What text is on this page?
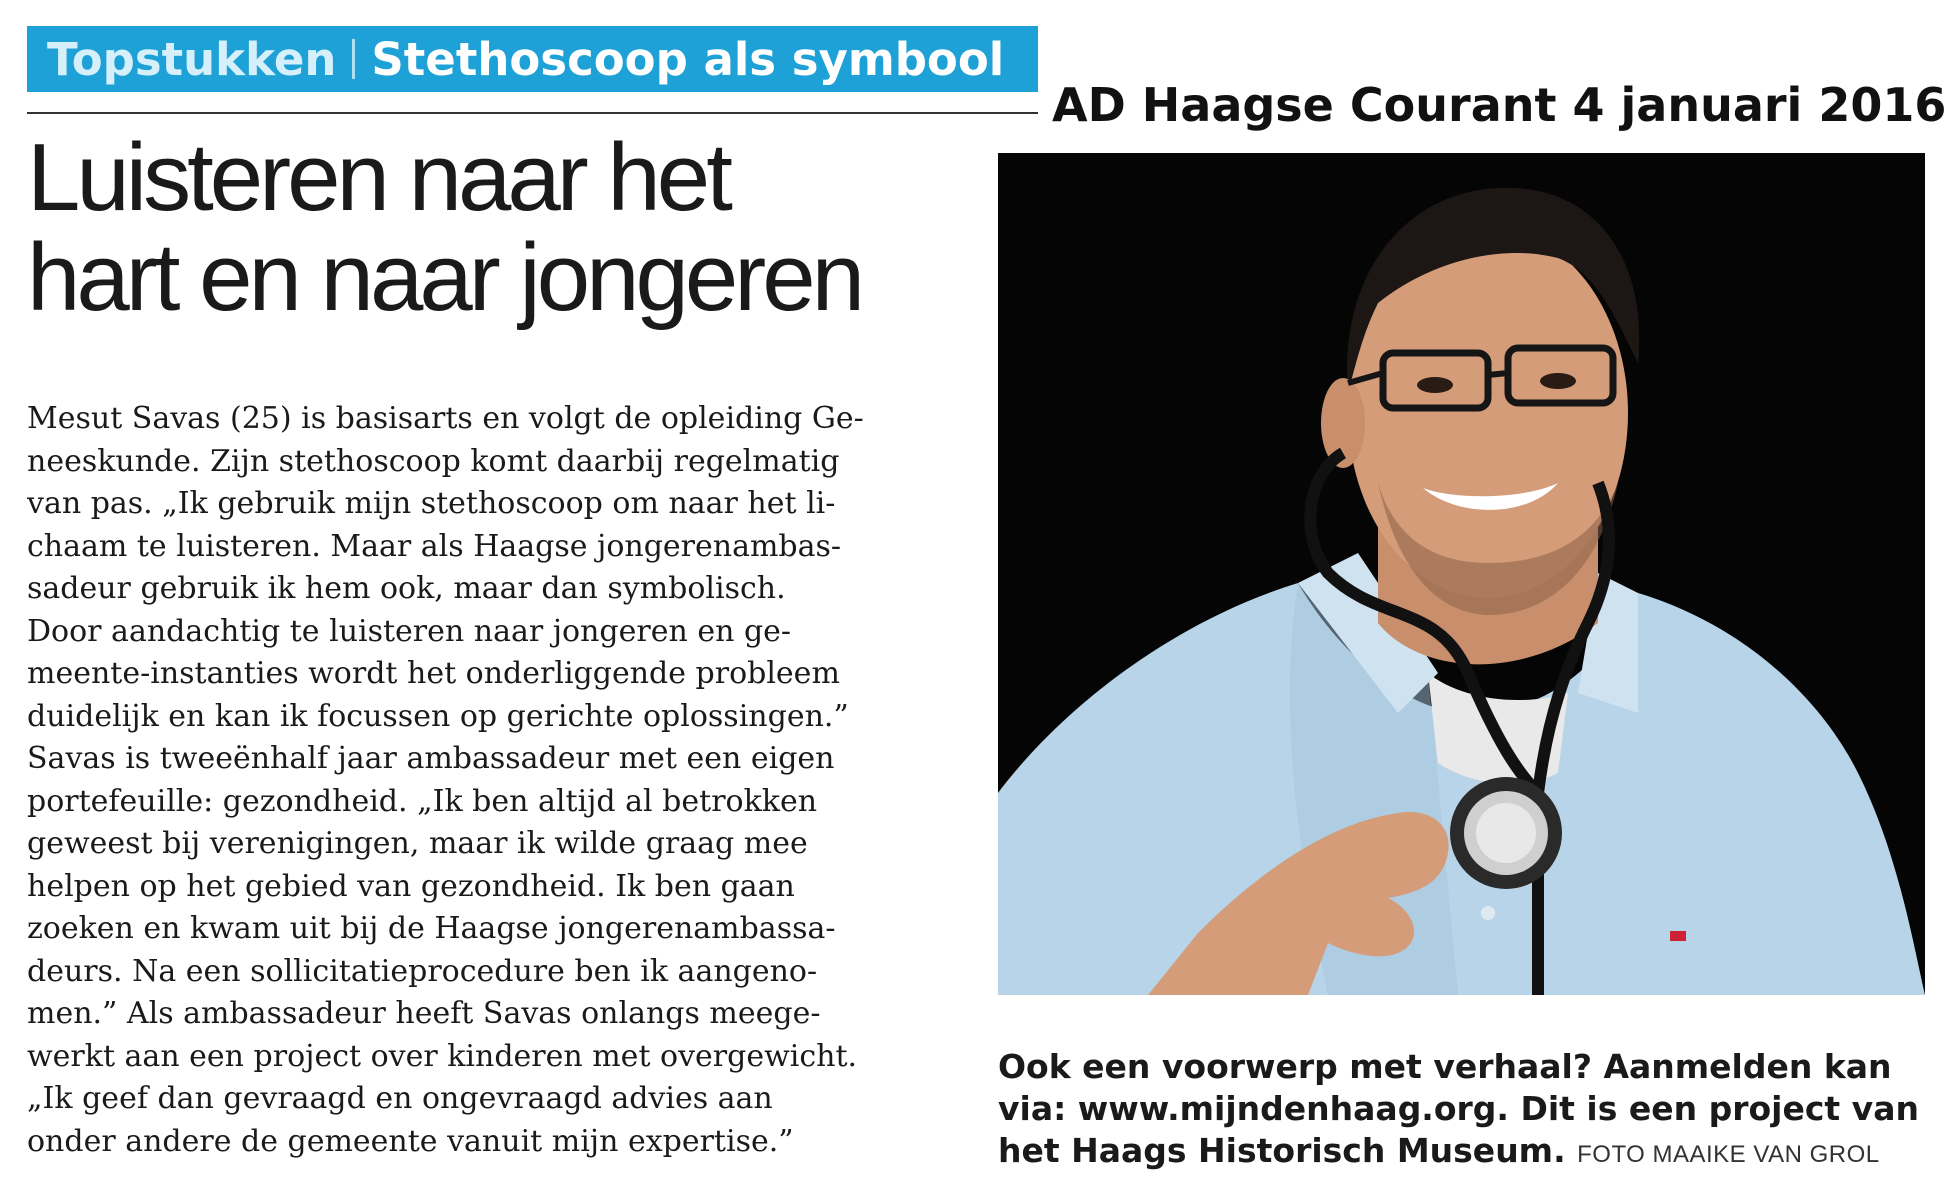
Topstukken Stethoscoop als symbool
AD Haagse Courant 4 januari 2016
Luisteren naar het
hart en naar jongeren
Mesut Savas (25) is basisarts en volgt de opleiding Ge-
neeskunde. Zijn stethoscoop komt daarbij regelmatig
van pas. „Ik gebruik mijn stethoscoop om naar het li-
chaam te luisteren. Maar als Haagse jongerenambas-
sadeur gebruik ik hem ook, maar dan symbolisch.
Door aandachtig te luisteren naar jongeren en ge-
meente-instanties wordt het onderliggende probleem
duidelijk en kan ik focussen op gerichte oplossingen.”
Savas is tweeënhalf jaar ambassadeur met een eigen
portefeuille: gezondheid. „Ik ben altijd al betrokken
geweest bij verenigingen, maar ik wilde graag mee
helpen op het gebied van gezondheid. Ik ben gaan
zoeken en kwam uit bij de Haagse jongerenambassa-
deurs. Na een sollicitatieprocedure ben ik aangeno-
men.” Als ambassadeur heeft Savas onlangs meege-
werkt aan een project over kinderen met overgewicht.
„Ik geef dan gevraagd en ongevraagd advies aan
onder andere de gemeente vanuit mijn expertise.”
Ook een voorwerp met verhaal? Aanmelden kan
via: www.mijndenhaag.org. Dit is een project van
het Haags Historisch Museum. FOTO MAAIKE VAN GROL
